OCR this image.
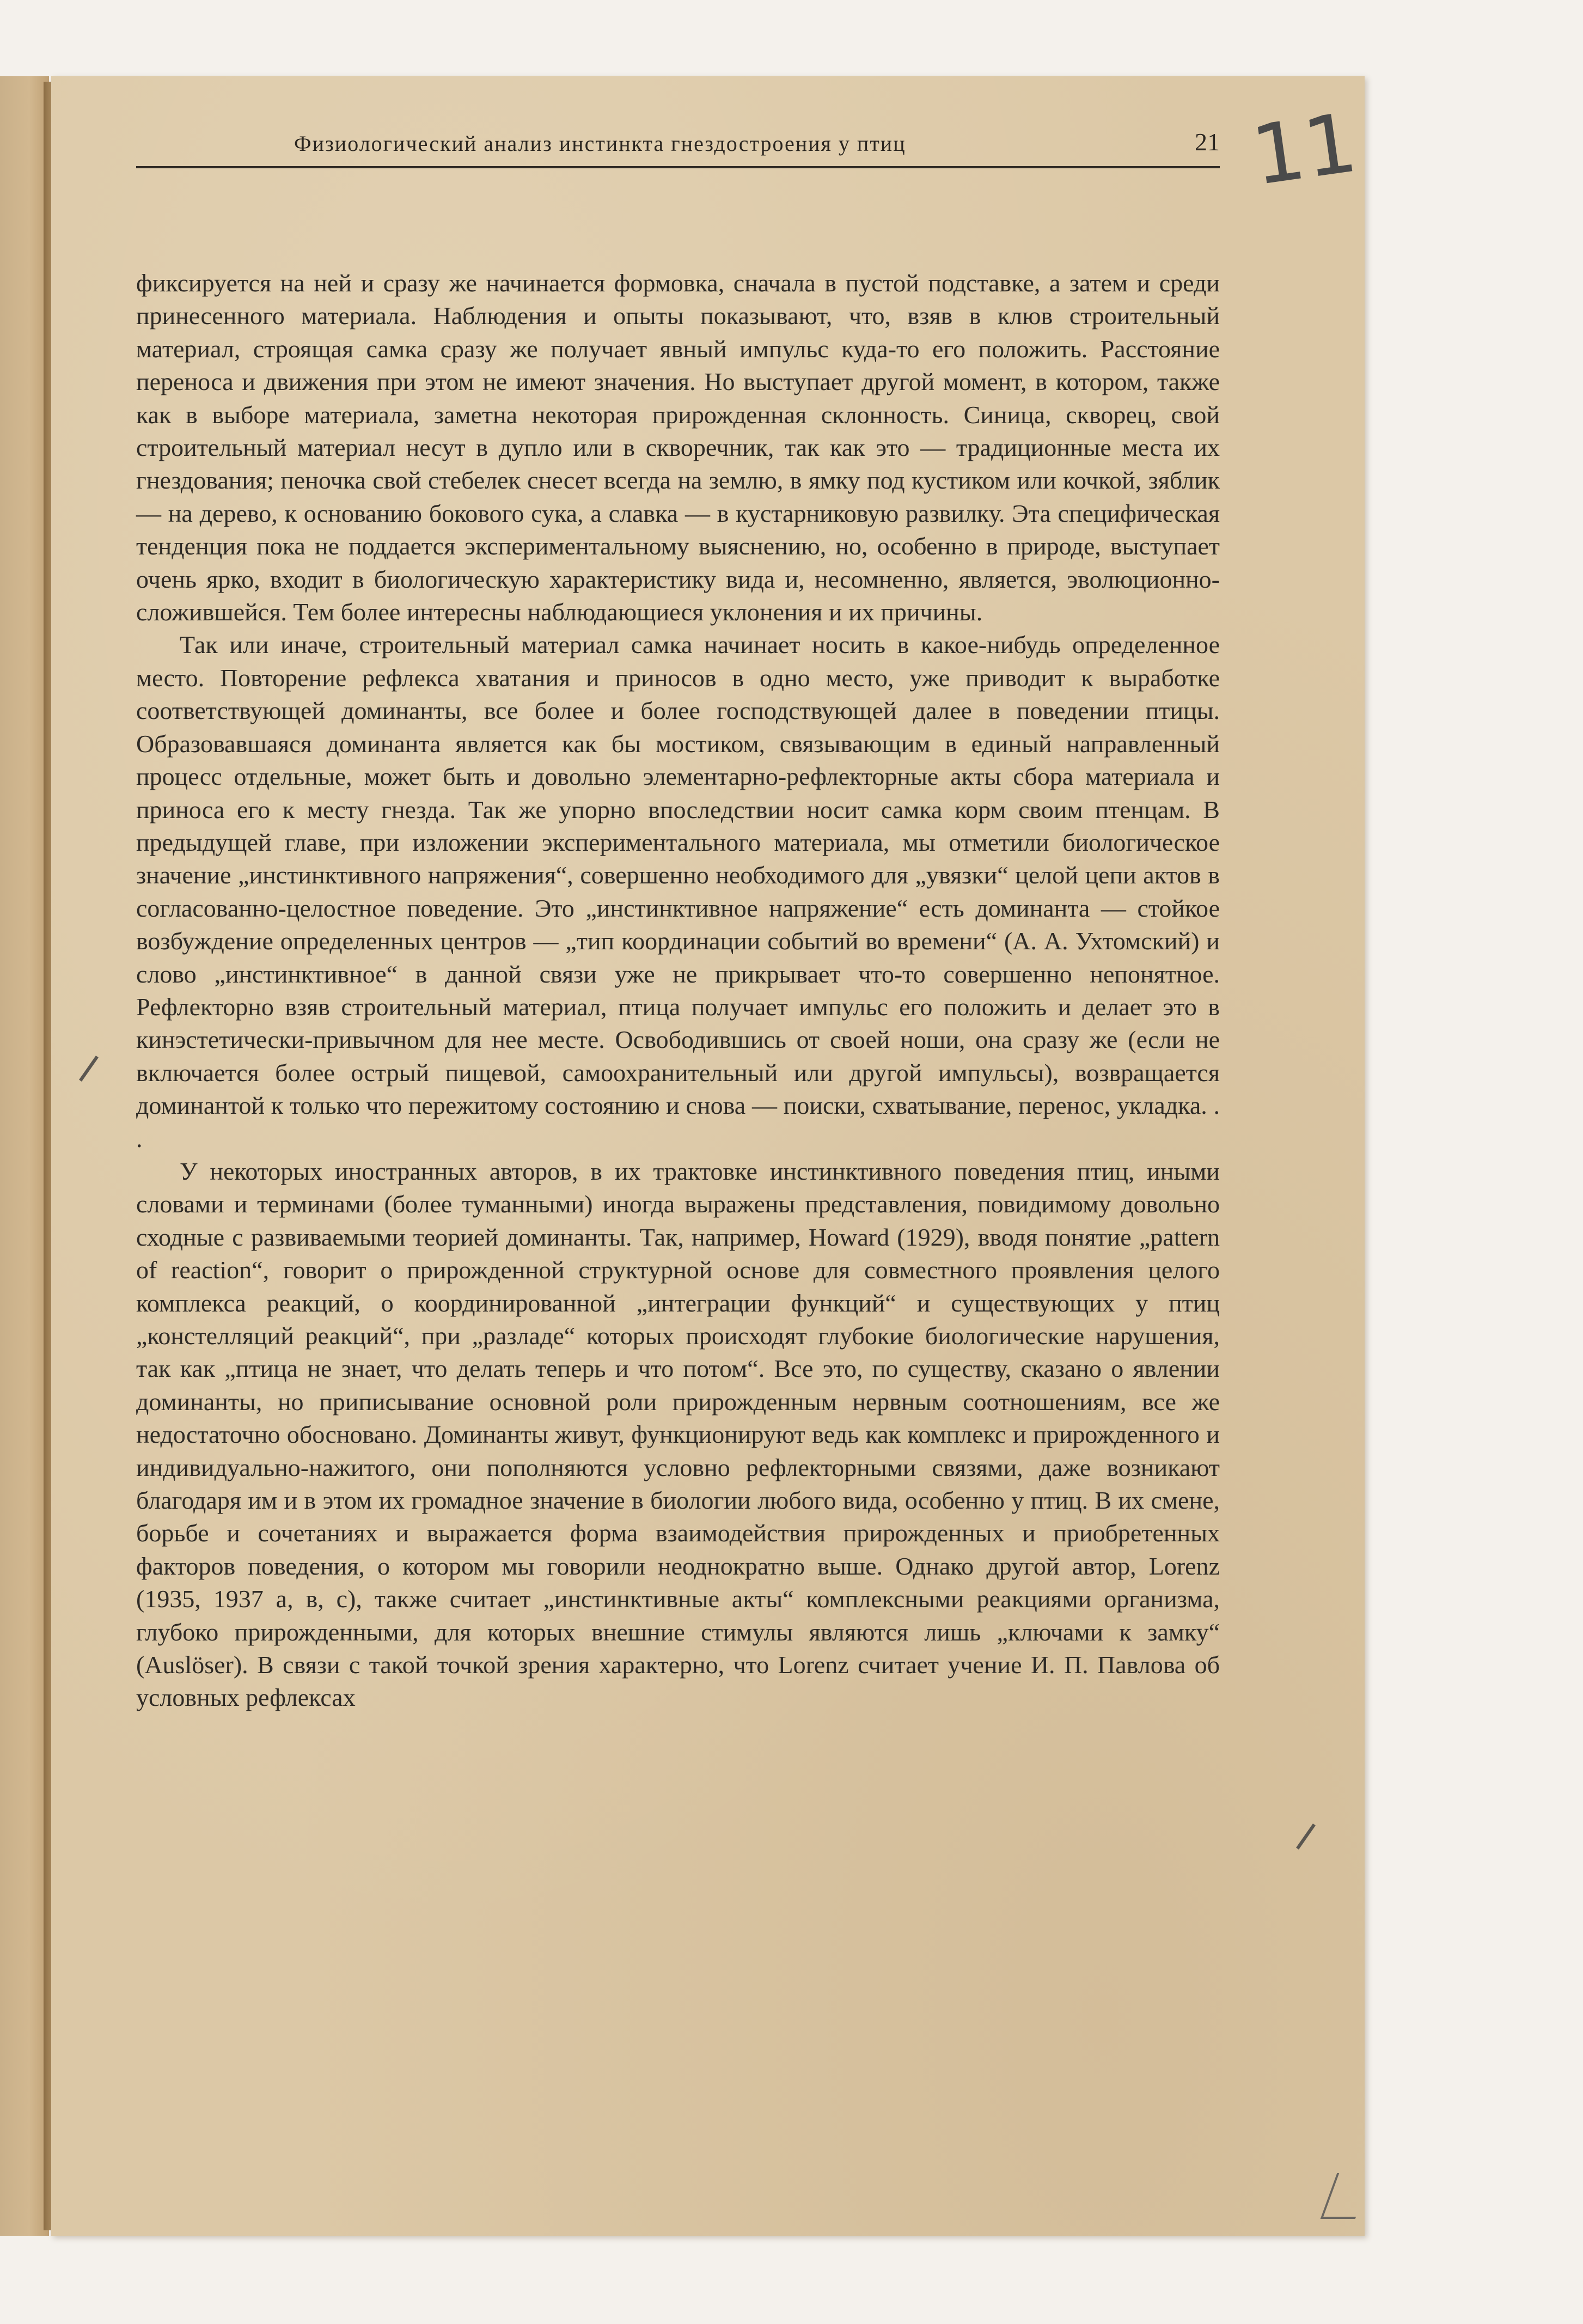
Физиологический анализ инстинкта гнездостроения у птиц	21 11

фиксируется на ней и сразу же начинается формовка, сначала в пустой подставке, а затем и среди принесенного материала. Наблюдения и опыты показывают, что, взяв в клюв строительный материал, строящая самка сразу же получает явный импульс куда-то его положить. Расстояние переноса и движения при этом не имеют значения. Но выступает другой момент, в котором, также как в выборе материала, заметна некоторая прирожденная склонность. Синица, скворец, свой строительный материал несут в дупло или в скворечник, так как это — традиционные места их гнездования; пеночка свой стебелек снесет всегда на землю, в ямку под кустиком или кочкой, зяблик — на дерево, к основанию бокового сука, а славка — в кустарниковую развилку. Эта специфическая тенденция пока не поддается экспериментальному выяснению, но, особенно в природе, выступает очень ярко, входит в биологическую характеристику вида и, несомненно, является, эволюционно-сложившейся. Тем более интересны наблюдающиеся уклонения и их причины.

Так или иначе, строительный материал самка начинает носить в какое-нибудь определенное место. Повторение рефлекса хватания и приносов в одно место, уже приводит к выработке соответствующей доминанты, все более и более господствующей далее в поведении птицы. Образовавшаяся доминанта является как бы мостиком, связывающим в единый направленный процесс отдельные, может быть и довольно элементарно-рефлекторные акты сбора материала и приноса его к месту гнезда. Так же упорно впоследствии носит самка корм своим птенцам. В предыдущей главе, при изложении экспериментального материала, мы отметили биологическое значение „инстинктивного напряжения“, совершенно необходимого для „увязки“ целой цепи актов в согласованно-целостное поведение. Это „инстинктивное напряжение“ есть доминанта — стойкое возбуждение определенных центров — „тип координации событий во времени“ (А. А. Ухтомский) и слово „инстинктивное“ в данной связи уже не прикрывает что-то совершенно непонятное. Рефлекторно взяв строительный материал, птица получает импульс его положить и делает это в кинэстетически-привычном для нее месте. Освободившись от своей ноши, она сразу же (если не включается более острый пищевой, самоохранительный или другой импульсы), возвращается доминантой к только что пережитому состоянию и снова — поиски, схватывание, перенос, укладка. . .

У некоторых иностранных авторов, в их трактовке инстинктивного поведения птиц, иными словами и терминами (более туманными) иногда выражены представления, повидимому довольно сходные с развиваемыми теорией доминанты. Так, например, Howard (1929), вводя понятие „pattern of reaction“, говорит о прирожденной структурной основе для совместного проявления целого комплекса реакций, о координированной „интеграции функций“ и существующих у птиц „констелляций реакций“, при „разладе“ которых происходят глубокие биологические нарушения, так как „птица не знает, что делать теперь и что потом“. Все это, по существу, сказано о явлении доминанты, но приписывание основной роли прирожденным нервным соотношениям, все же недостаточно обосновано. Доминанты живут, функционируют ведь как комплекс и прирожденного и индивидуально-нажитого, они пополняются условно рефлекторными связями, даже возникают благодаря им и в этом их громадное значение в биологии любого вида, особенно у птиц. В их смене, борьбе и сочетаниях и выражается форма взаимодействия прирожденных и приобретенных факторов поведения, о котором мы говорили неоднократно выше. Однако другой автор, Lorenz (1935, 1937 а, в, с), также считает „инстинктивные акты“ комплексными реакциями организма, глубоко прирожденными, для которых внешние стимулы являются лишь „ключами к замку“ (Auslöser). В связи с такой точкой зрения характерно, что Lorenz считает учение И. П. Павлова об условных рефлексах
